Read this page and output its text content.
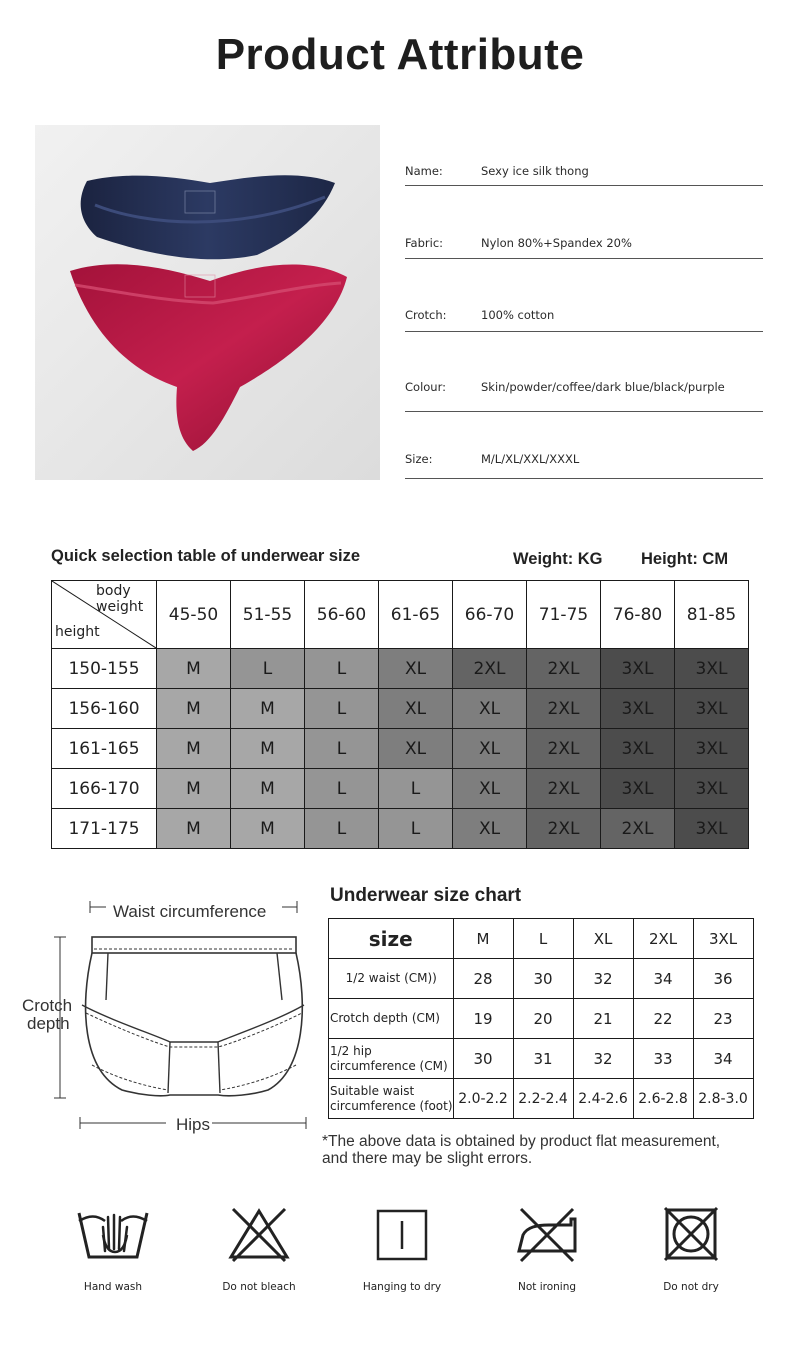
Product Attribute
Name:	Sexy ice silk thong
Fabric:	Nylon 80%+Spandex 20%
Crotch:	100% cotton
Colour:	Skin/powder/coffee/dark blue/black/purple
Size:	M/L/XL/XXL/XXXL
Quick selection table of underwear size	Weight: KG Height: CM
body
weight
height	45-50	51-55	56-60	61-65	66-70	71-75	76-80	81-85
150-155	M	L	L	XL	2XL	2XL	3XL	3XL
156-160	M	M	L	XL	XL	2XL	3XL	3XL
161-165	M	M	L	XL	XL	2XL	3XL	3XL
166-170	M	M	L	L	XL	2XL	3XL	3XL
171-175	M	M	L	L	XL	2XL	2XL	3XL
Waist circumference
Crotch
depth
Hips
Underwear size chart
size	M	L	XL	2XL	3XL
1/2 waist (CM))	28	30	32	34	36
Crotch depth (CM)	19	20	21	22	23

1/2 hip
circumference (CM)	30	31	32	33	34

Suitable waist
circumference (foot)	2.0-2.2	2.2-2.4	2.4-2.6	2.6-2.8	2.8-3.0
*The above data is obtained by product flat measurement,
and there may be slight errors.
Hand wash	Do not bleach	Hanging to dry	Not ironing	Do not dry
